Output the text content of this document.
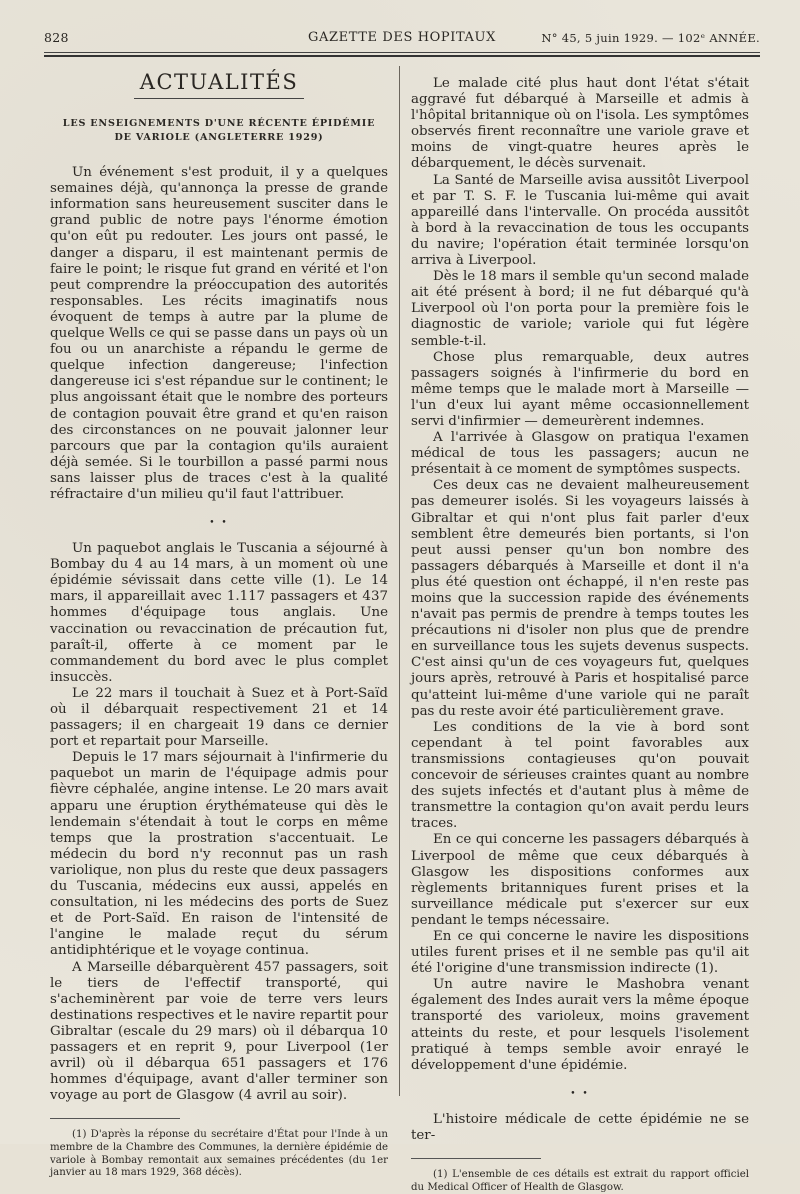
828	GAZETTE DES HOPITAUX	N° 45, 5 juin 1929. — 102ᵉ ANNÉE.
ACTUALITÉS
LES ENSEIGNEMENTS D'UNE RÉCENTE ÉPIDÉMIE
DE VARIOLE (ANGLETERRE 1929)

Un événement s'est produit, il y a quelques semaines déjà, qu'annonça la presse de grande information sans heureusement susciter dans le grand public de notre pays l'énorme émotion qu'on eût pu redouter. Les jours ont passé, le danger a disparu, il est maintenant permis de faire le point; le risque fut grand en vérité et l'on peut comprendre la préoccupation des autorités responsables. Les récits imaginatifs nous évoquent de temps à autre par la plume de quelque Wells ce qui se passe dans un pays où un fou ou un anarchiste a répandu le germe de quelque infection dangereuse; l'infection dangereuse ici s'est répandue sur le continent; le plus angoissant était que le nombre des porteurs de contagion pouvait être grand et qu'en raison des circonstances on ne pouvait jalonner leur parcours que par la contagion qu'ils auraient déjà semée. Si le tourbillon a passé parmi nous sans laisser plus de traces c'est à la qualité réfractaire d'un milieu qu'il faut l'attribuer.

• •

Un paquebot anglais le Tuscania a séjourné à Bombay du 4 au 14 mars, à un moment où une épidémie sévissait dans cette ville (1). Le 14 mars, il appareillait avec 1.117 passagers et 437 hommes d'équipage tous anglais. Une vaccination ou revaccination de précaution fut, paraît-il, offerte à ce moment par le commandement du bord avec le plus complet insuccès.

Le 22 mars il touchait à Suez et à Port-Saïd où il débarquait respectivement 21 et 14 passagers; il en chargeait 19 dans ce dernier port et repartait pour Marseille.

Depuis le 17 mars séjournait à l'infirmerie du paquebot un marin de l'équipage admis pour fièvre céphalée, angine intense. Le 20 mars avait apparu une éruption érythémateuse qui dès le lendemain s'étendait à tout le corps en même temps que la prostration s'accentuait. Le médecin du bord n'y reconnut pas un rash variolique, non plus du reste que deux passagers du Tuscania, médecins eux aussi, appelés en consultation, ni les médecins des ports de Suez et de Port-Saïd. En raison de l'intensité de l'angine le malade reçut du sérum antidiphtérique et le voyage continua.

A Marseille débarquèrent 457 passagers, soit le tiers de l'effectif transporté, qui s'acheminèrent par voie de terre vers leurs destinations respectives et le navire repartit pour Gibraltar (escale du 29 mars) où il débarqua 10 passagers et en reprit 9, pour Liverpool (1er avril) où il débarqua 651 passagers et 176 hommes d'équipage, avant d'aller terminer son voyage au port de Glasgow (4 avril au soir).

(1) D'après la réponse du secrétaire d'État pour l'Inde à un membre de la Chambre des Communes, la dernière épidémie de variole à Bombay remontait aux semaines précédentes (du 1er janvier au 18 mars 1929, 368 décès).

Le malade cité plus haut dont l'état s'était aggravé fut débarqué à Marseille et admis à l'hôpital britannique où on l'isola. Les symptômes observés firent reconnaître une variole grave et moins de vingt-quatre heures après le débarquement, le décès survenait.

La Santé de Marseille avisa aussitôt Liverpool et par T. S. F. le Tuscania lui-même qui avait appareillé dans l'intervalle. On procéda aussitôt à bord à la revaccination de tous les occupants du navire; l'opération était terminée lorsqu'on arriva à Liverpool.

Dès le 18 mars il semble qu'un second malade ait été présent à bord; il ne fut débarqué qu'à Liverpool où l'on porta pour la première fois le diagnostic de variole; variole qui fut légère semble-t-il.

Chose plus remarquable, deux autres passagers soignés à l'infirmerie du bord en même temps que le malade mort à Marseille — l'un d'eux lui ayant même occasionnellement servi d'infirmier — demeurèrent indemnes.

A l'arrivée à Glasgow on pratiqua l'examen médical de tous les passagers; aucun ne présentait à ce moment de symptômes suspects.

Ces deux cas ne devaient malheureusement pas demeurer isolés. Si les voyageurs laissés à Gibraltar et qui n'ont plus fait parler d'eux semblent être demeurés bien portants, si l'on peut aussi penser qu'un bon nombre des passagers débarqués à Marseille et dont il n'a plus été question ont échappé, il n'en reste pas moins que la succession rapide des événements n'avait pas permis de prendre à temps toutes les précautions ni d'isoler non plus que de prendre en surveillance tous les sujets devenus suspects. C'est ainsi qu'un de ces voyageurs fut, quelques jours après, retrouvé à Paris et hospitalisé parce qu'atteint lui-même d'une variole qui ne paraît pas du reste avoir été particulièrement grave.

Les conditions de la vie à bord sont cependant à tel point favorables aux transmissions contagieuses qu'on pouvait concevoir de sérieuses craintes quant au nombre des sujets infectés et d'autant plus à même de transmettre la contagion qu'on avait perdu leurs traces.

En ce qui concerne les passagers débarqués à Liverpool de même que ceux débarqués à Glasgow les dispositions conformes aux règlements britanniques furent prises et la surveillance médicale put s'exercer sur eux pendant le temps nécessaire.

En ce qui concerne le navire les dispositions utiles furent prises et il ne semble pas qu'il ait été l'origine d'une transmission indirecte (1).

Un autre navire le Mashobra venant également des Indes aurait vers la même époque transporté des varioleux, moins gravement atteints du reste, et pour lesquels l'isolement pratiqué à temps semble avoir enrayé le développement d'une épidémie.

• •

L'histoire médicale de cette épidémie ne se ter-

(1) L'ensemble de ces détails est extrait du rapport officiel du Medical Officer of Health de Glasgow.
